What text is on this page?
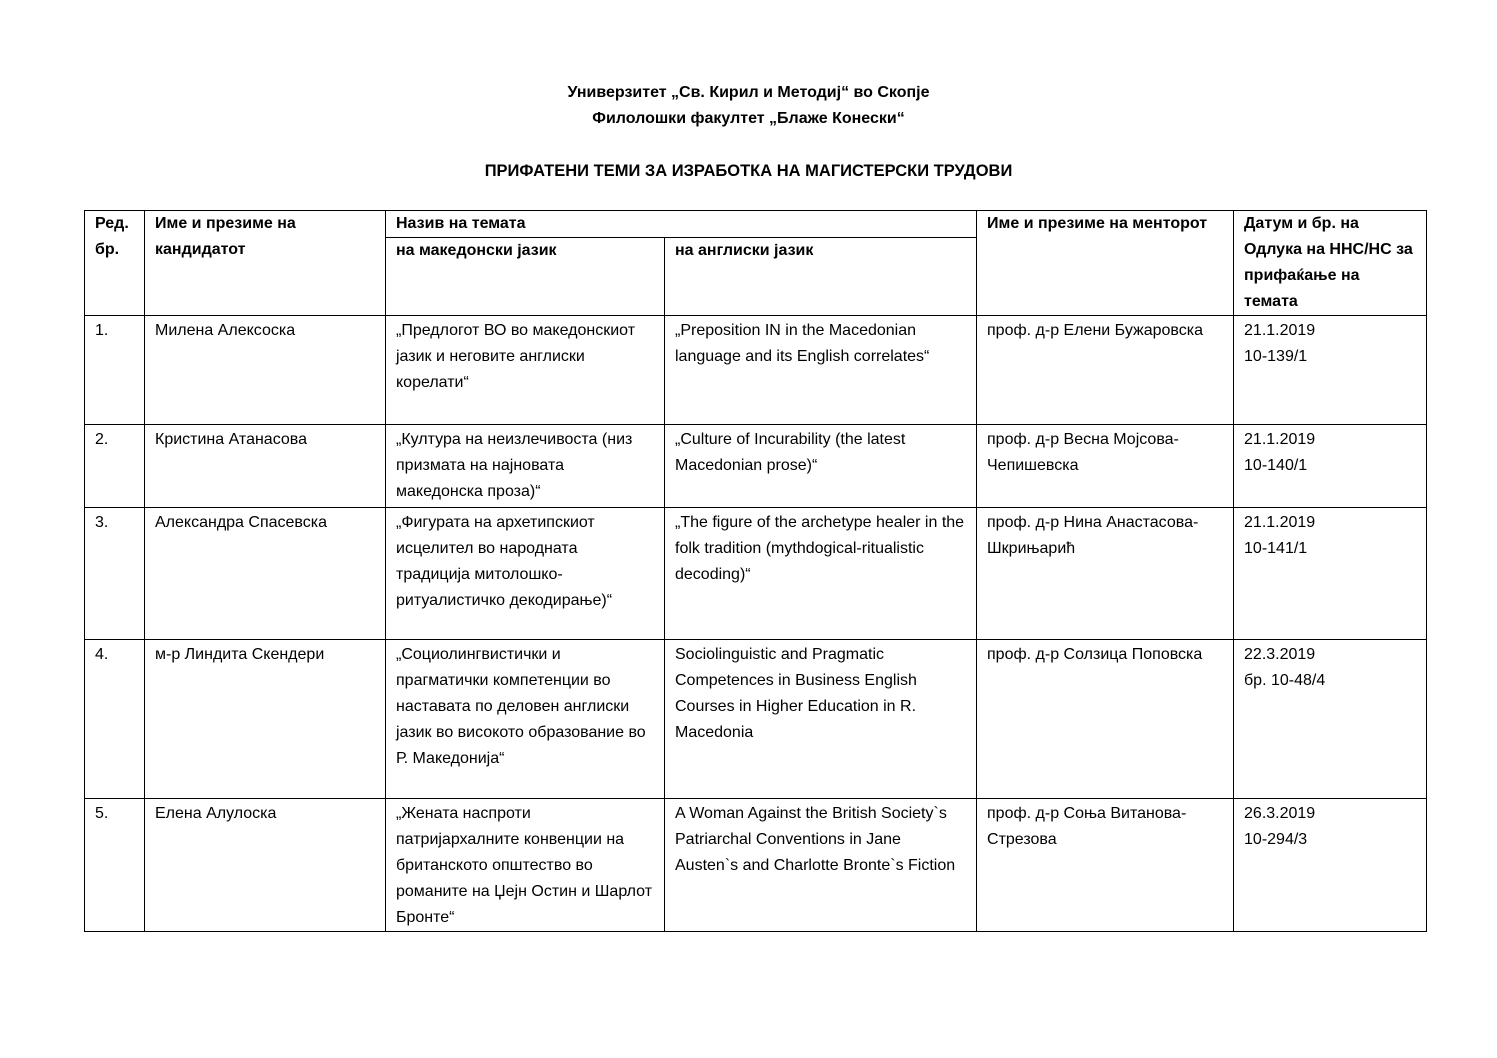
Универзитет „Св. Кирил и Методиј“ во Скопје
Филолошки факултет „Блаже Конески“
ПРИФАТЕНИ ТЕМИ ЗА ИЗРАБОТКА НА МАГИСТЕРСКИ ТРУДОВИ
Ред. бр.	Име и презиме на кандидатот	Назив на темата		Име и презиме на менторот	Датум и бр. на Одлука на ННС/НС за прифаќање на темата
		на македонски јазик	на англиски јазик		
1.	Милена Алексоска	„Предлогот ВО во македонскиот јазик и неговите англиски корелати“	„Preposition IN in the Macedonian language and its English correlates“	проф. д-р Елени Бужаровска	21.1.2019
10-139/1

2.	Кристина Атанасова	„Култура на неизлечивоста (низ призмата на најновата македонска проза)“	„Culture of Incurability (the latest Macedonian prose)“	проф. д-р Весна Мојсова-Чепишевска	21.1.2019
10-140/1

3.	Александра Спасевска	„Фигурата на архетипскиот исцелител во народната традиција митолошко-ритуалистичко декодирање)“	„The figure of the archetype healer in the folk tradition (mythdogical-ritualistic decoding)“	проф. д-р Нина Анастасова-Шкрињарић	21.1.2019
10-141/1

4.	м-р Линдита Скендери	„Социолингвистички и прагматички компетенции во наставата по деловен англиски јазик во високото образование во Р. Македонија“	Sociolinguistic and Pragmatic Competences in Business English Courses in Higher Education in R. Macedonia	проф. д-р Солзица Поповска	22.3.2019
бр. 10-48/4

5.	Елена Алулоска	„Жената наспроти патријархалните конвенции на британското општество во романите на Џејн Остин и Шарлот Бронте“	A Woman Against the British Society`s Patriarchal Conventions in Jane Austen`s and Charlotte Bronte`s Fiction	проф. д-р Соња Витанова-Стрезова	26.3.2019
10-294/3
